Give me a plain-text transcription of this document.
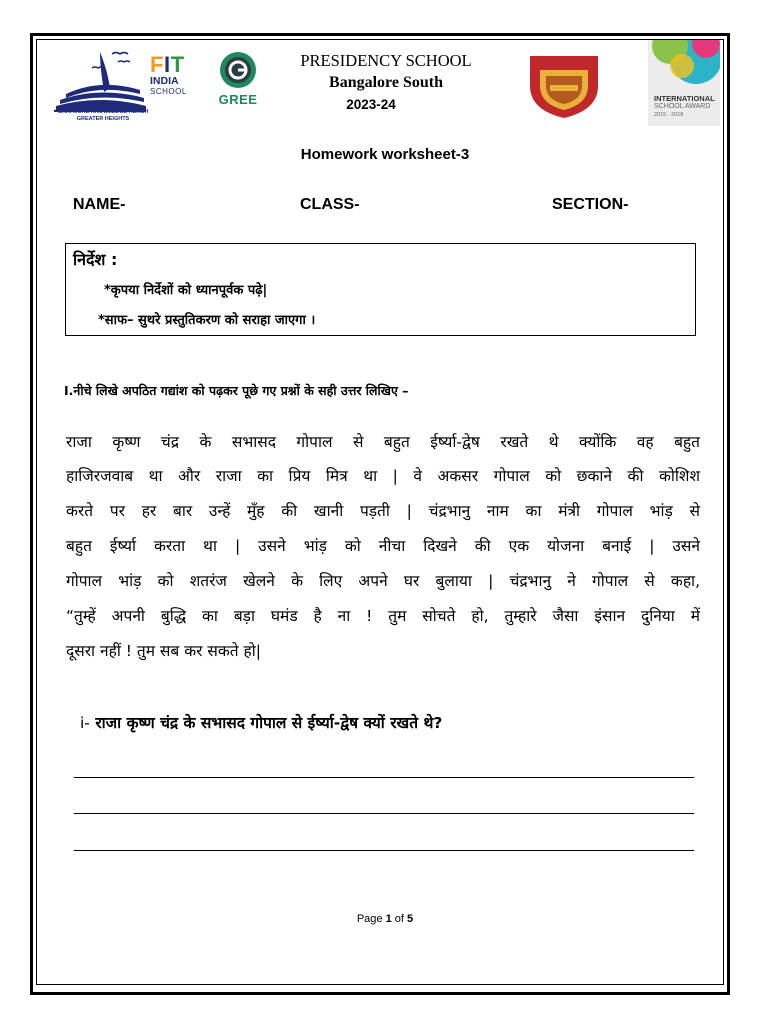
GAIN MORE KNOWLEDGE REACH GREATER HEIGHTS
FIT
INDIA
SCHOOL
GREE
PRESIDENCY SCHOOL
Bangalore South
2023-24	INTERNATIONAL
SCHOOL AWARD
2015 - 2018
Homework worksheet-3
NAME-	CLASS-	SECTION-
निर्देश :
*कृपया निर्देशों को ध्यानपूर्वक पढ़े|
*साफ– सुथरे प्रस्तुतिकरण को सराहा जाएगा ।
I.नीचे लिखे अपठित गद्यांश को पढ़कर पूछे गए प्रश्नों के सही उत्तर लिखिए –
राजा कृष्ण चंद्र के सभासद गोपाल से बहुत ईर्ष्या-द्वेष रखते थे क्योंकि वह बहुत
हाजिरजवाब था और राजा का प्रिय मित्र था | वे अकसर गोपाल को छकाने की कोशिश
करते पर हर बार उन्हें मुँह की खानी पड़ती | चंद्रभानु नाम का मंत्री गोपाल भांड़ से
बहुत ईर्ष्या करता था | उसने भांड़ को नीचा दिखने की एक योजना बनाई | उसने
गोपाल भांड़ को शतरंज खेलने के लिए अपने घर बुलाया | चंद्रभानु ने गोपाल से कहा,
“तुम्हें अपनी बुद्धि का बड़ा घमंड है ना ! तुम सोचते हो, तुम्हारे जैसा इंसान दुनिया में
दूसरा नहीं ! तुम सब कर सकते हो|
i- राजा कृष्ण चंद्र के सभासद गोपाल से ईर्ष्या-द्वेष क्यों रखते थे?
Page 1 of 5
